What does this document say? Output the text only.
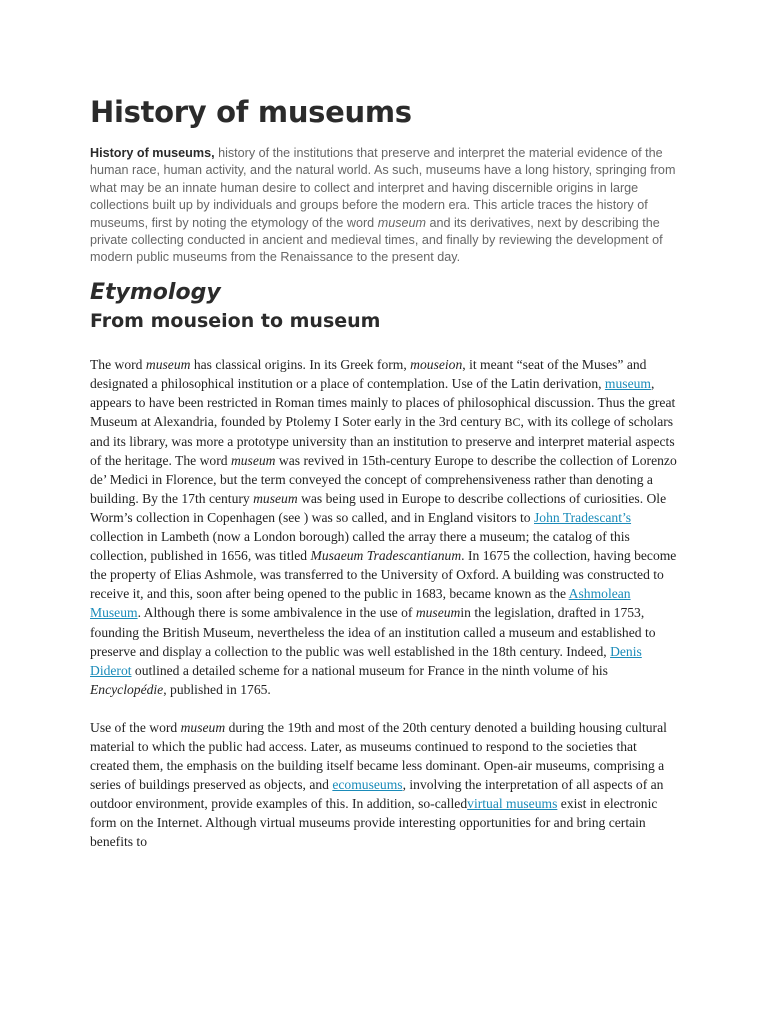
History of museums

History of museums, history of the institutions that preserve and interpret the material evidence of the human race, human activity, and the natural world. As such, museums have a long history, springing from what may be an innate human desire to collect and interpret and having discernible origins in large collections built up by individuals and groups before the modern era. This article traces the history of museums, first by noting the etymology of the word museum and its derivatives, next by describing the private collecting conducted in ancient and medieval times, and finally by reviewing the development of modern public museums from the Renaissance to the present day.

Etymology
From mouseion to museum

The word museum has classical origins. In its Greek form, mouseion, it meant “seat of the Muses” and designated a philosophical institution or a place of contemplation. Use of the Latin derivation, museum, appears to have been restricted in Roman times mainly to places of philosophical discussion. Thus the great Museum at Alexandria, founded by Ptolemy I Soter early in the 3rd century BC, with its college of scholars and its library, was more a prototype university than an institution to preserve and interpret material aspects of the heritage. The word museum was revived in 15th-century Europe to describe the collection of Lorenzo de’ Medici in Florence, but the term conveyed the concept of comprehensiveness rather than denoting a building. By the 17th century museum was being used in Europe to describe collections of curiosities. Ole Worm’s collection in Copenhagen (see ) was so called, and in England visitors to John Tradescant’s collection in Lambeth (now a London borough) called the array there a museum; the catalog of this collection, published in 1656, was titled Musaeum Tradescantianum. In 1675 the collection, having become the property of Elias Ashmole, was transferred to the University of Oxford. A building was constructed to receive it, and this, soon after being opened to the public in 1683, became known as the Ashmolean Museum. Although there is some ambivalence in the use of museumin the legislation, drafted in 1753, founding the British Museum, nevertheless the idea of an institution called a museum and established to preserve and display a collection to the public was well established in the 18th century. Indeed, Denis Diderot outlined a detailed scheme for a national museum for France in the ninth volume of his Encyclopédie, published in 1765.

Use of the word museum during the 19th and most of the 20th century denoted a building housing cultural material to which the public had access. Later, as museums continued to respond to the societies that created them, the emphasis on the building itself became less dominant. Open-air museums, comprising a series of buildings preserved as objects, and ecomuseums, involving the interpretation of all aspects of an outdoor environment, provide examples of this. In addition, so-calledvirtual museums exist in electronic form on the Internet. Although virtual museums provide interesting opportunities for and bring certain benefits to
